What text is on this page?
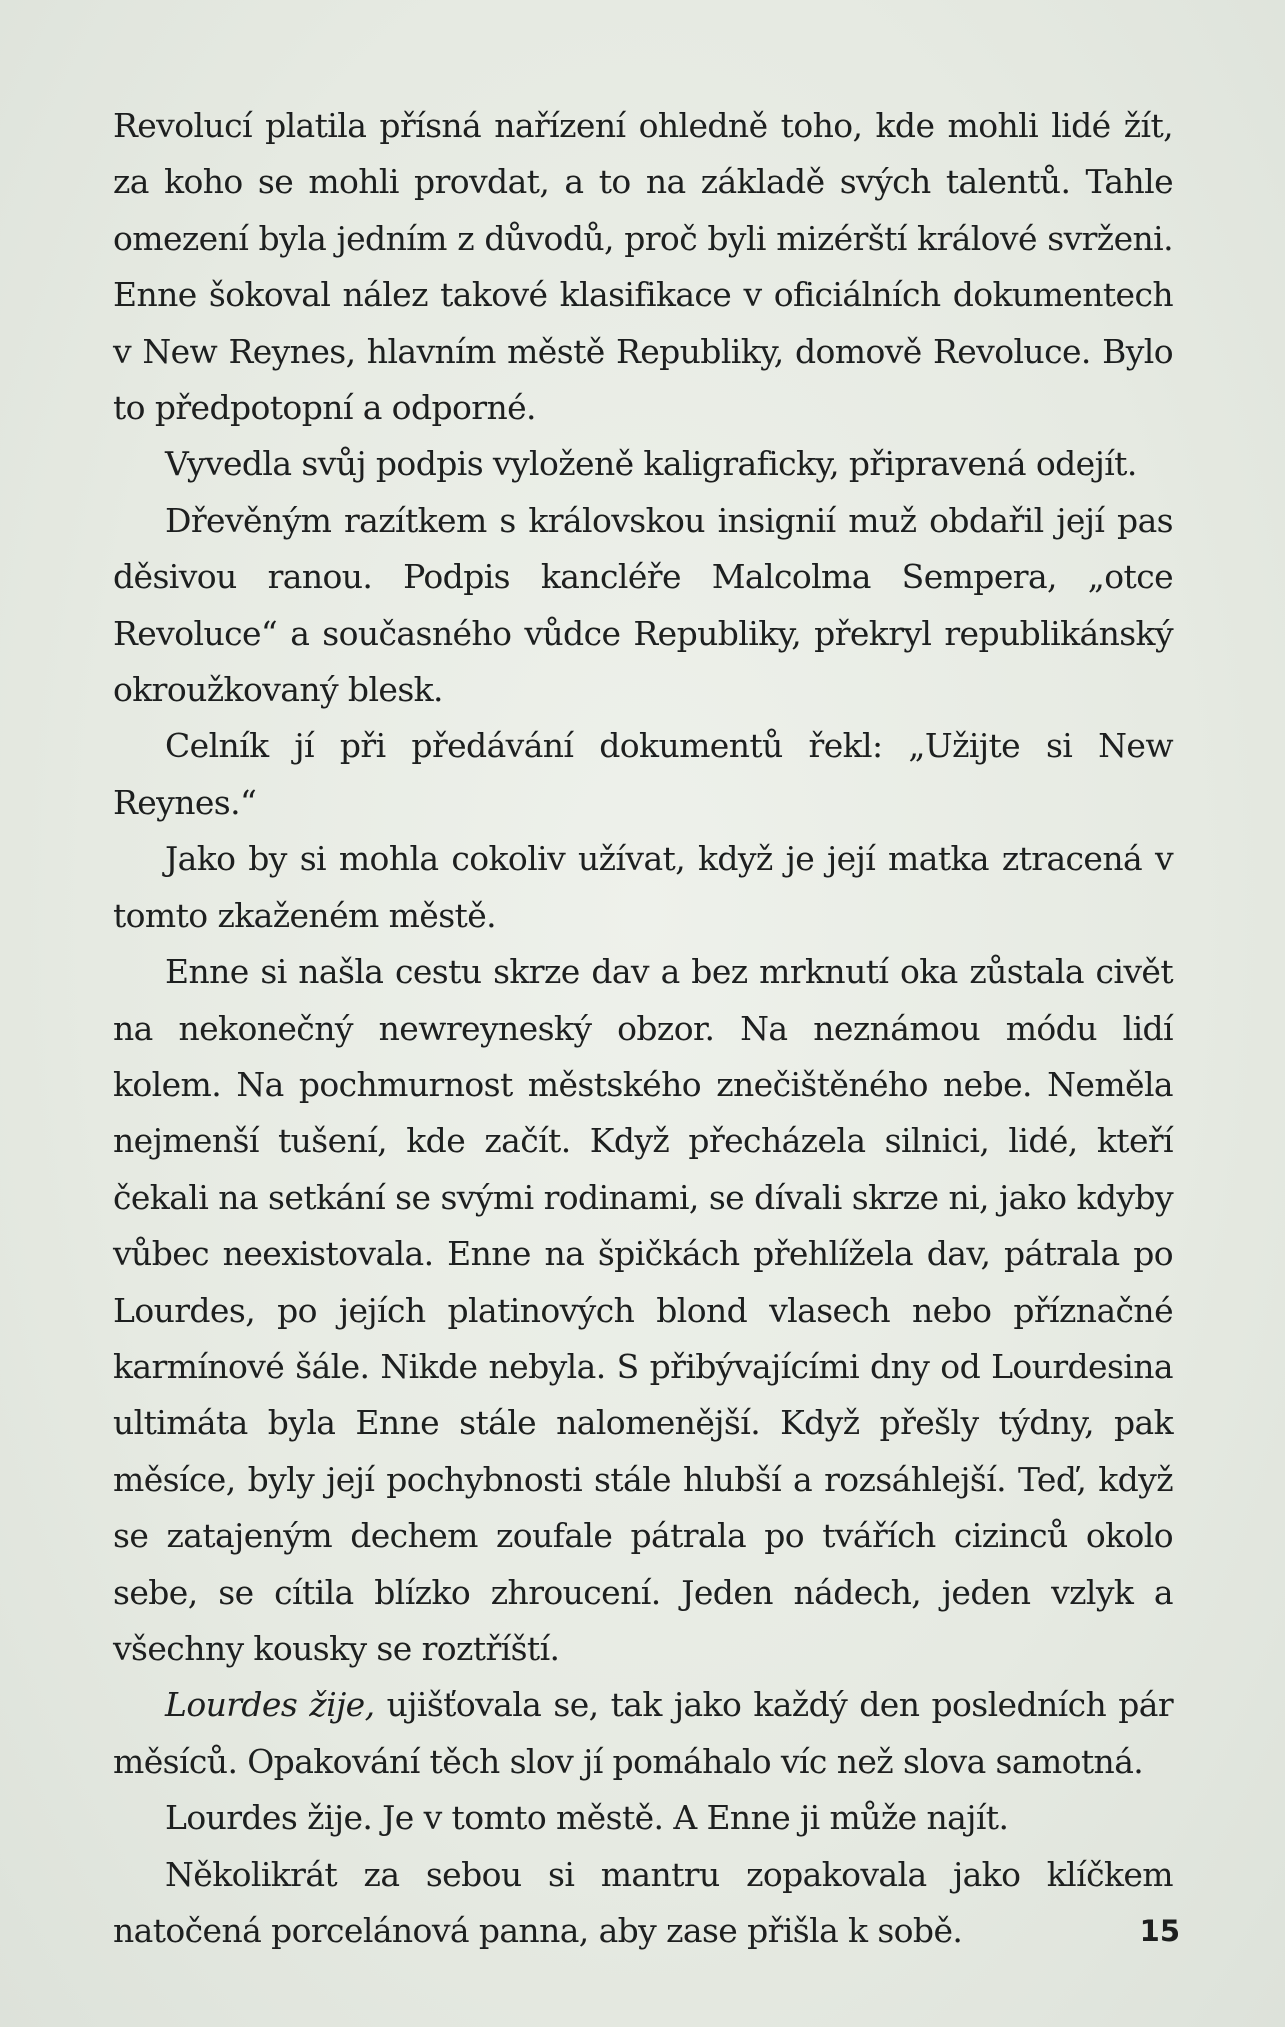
Revolucí platila přísná nařízení ohledně toho, kde mohli lidé žít, za koho se mohli provdat, a to na základě svých talentů. Tahle omezení byla jedním z důvodů, proč byli mizérští králové svrženi. Enne šokoval nález takové klasifikace v oficiálních dokumentech v New Reynes, hlavním městě Republiky, domově Revoluce. Bylo to předpotopní a odporné.

Vyvedla svůj podpis vyloženě kaligraficky, připravená odejít.

Dřevěným razítkem s královskou insignií muž obdařil její pas děsivou ranou. Podpis kancléře Malcolma Sempera, „otce Revoluce“ a současného vůdce Republiky, překryl republikánský okroužkovaný blesk.

Celník jí při předávání dokumentů řekl: „Užijte si New Reynes.“

Jako by si mohla cokoliv užívat, když je její matka ztracená v tomto zkaženém městě.

Enne si našla cestu skrze dav a bez mrknutí oka zůstala civět na nekonečný newreyneský obzor. Na neznámou módu lidí kolem. Na pochmurnost městského znečištěného nebe. Neměla nejmenší tušení, kde začít. Když přecházela silnici, lidé, kteří čekali na setkání se svými rodinami, se dívali skrze ni, jako kdyby vůbec neexistovala. Enne na špičkách přehlížela dav, pátrala po Lourdes, po jejích platinových blond vlasech nebo příznačné karmínové šále. Nikde nebyla. S přibývajícími dny od Lourdesina ultimáta byla Enne stále nalomenější. Když přešly týdny, pak měsíce, byly její pochybnosti stále hlubší a rozsáhlejší. Teď, když se zatajeným dechem zoufale pátrala po tvářích cizinců okolo sebe, se cítila blízko zhroucení. Jeden nádech, jeden vzlyk a všechny kousky se roztříští.

Lourdes žije, ujišťovala se, tak jako každý den posledních pár měsíců. Opakování těch slov jí pomáhalo víc než slova samotná.

Lourdes žije. Je v tomto městě. A Enne ji může najít.

Několikrát za sebou si mantru zopakovala jako klíčkem natočená porcelánová panna, aby zase přišla k sobě.	15
